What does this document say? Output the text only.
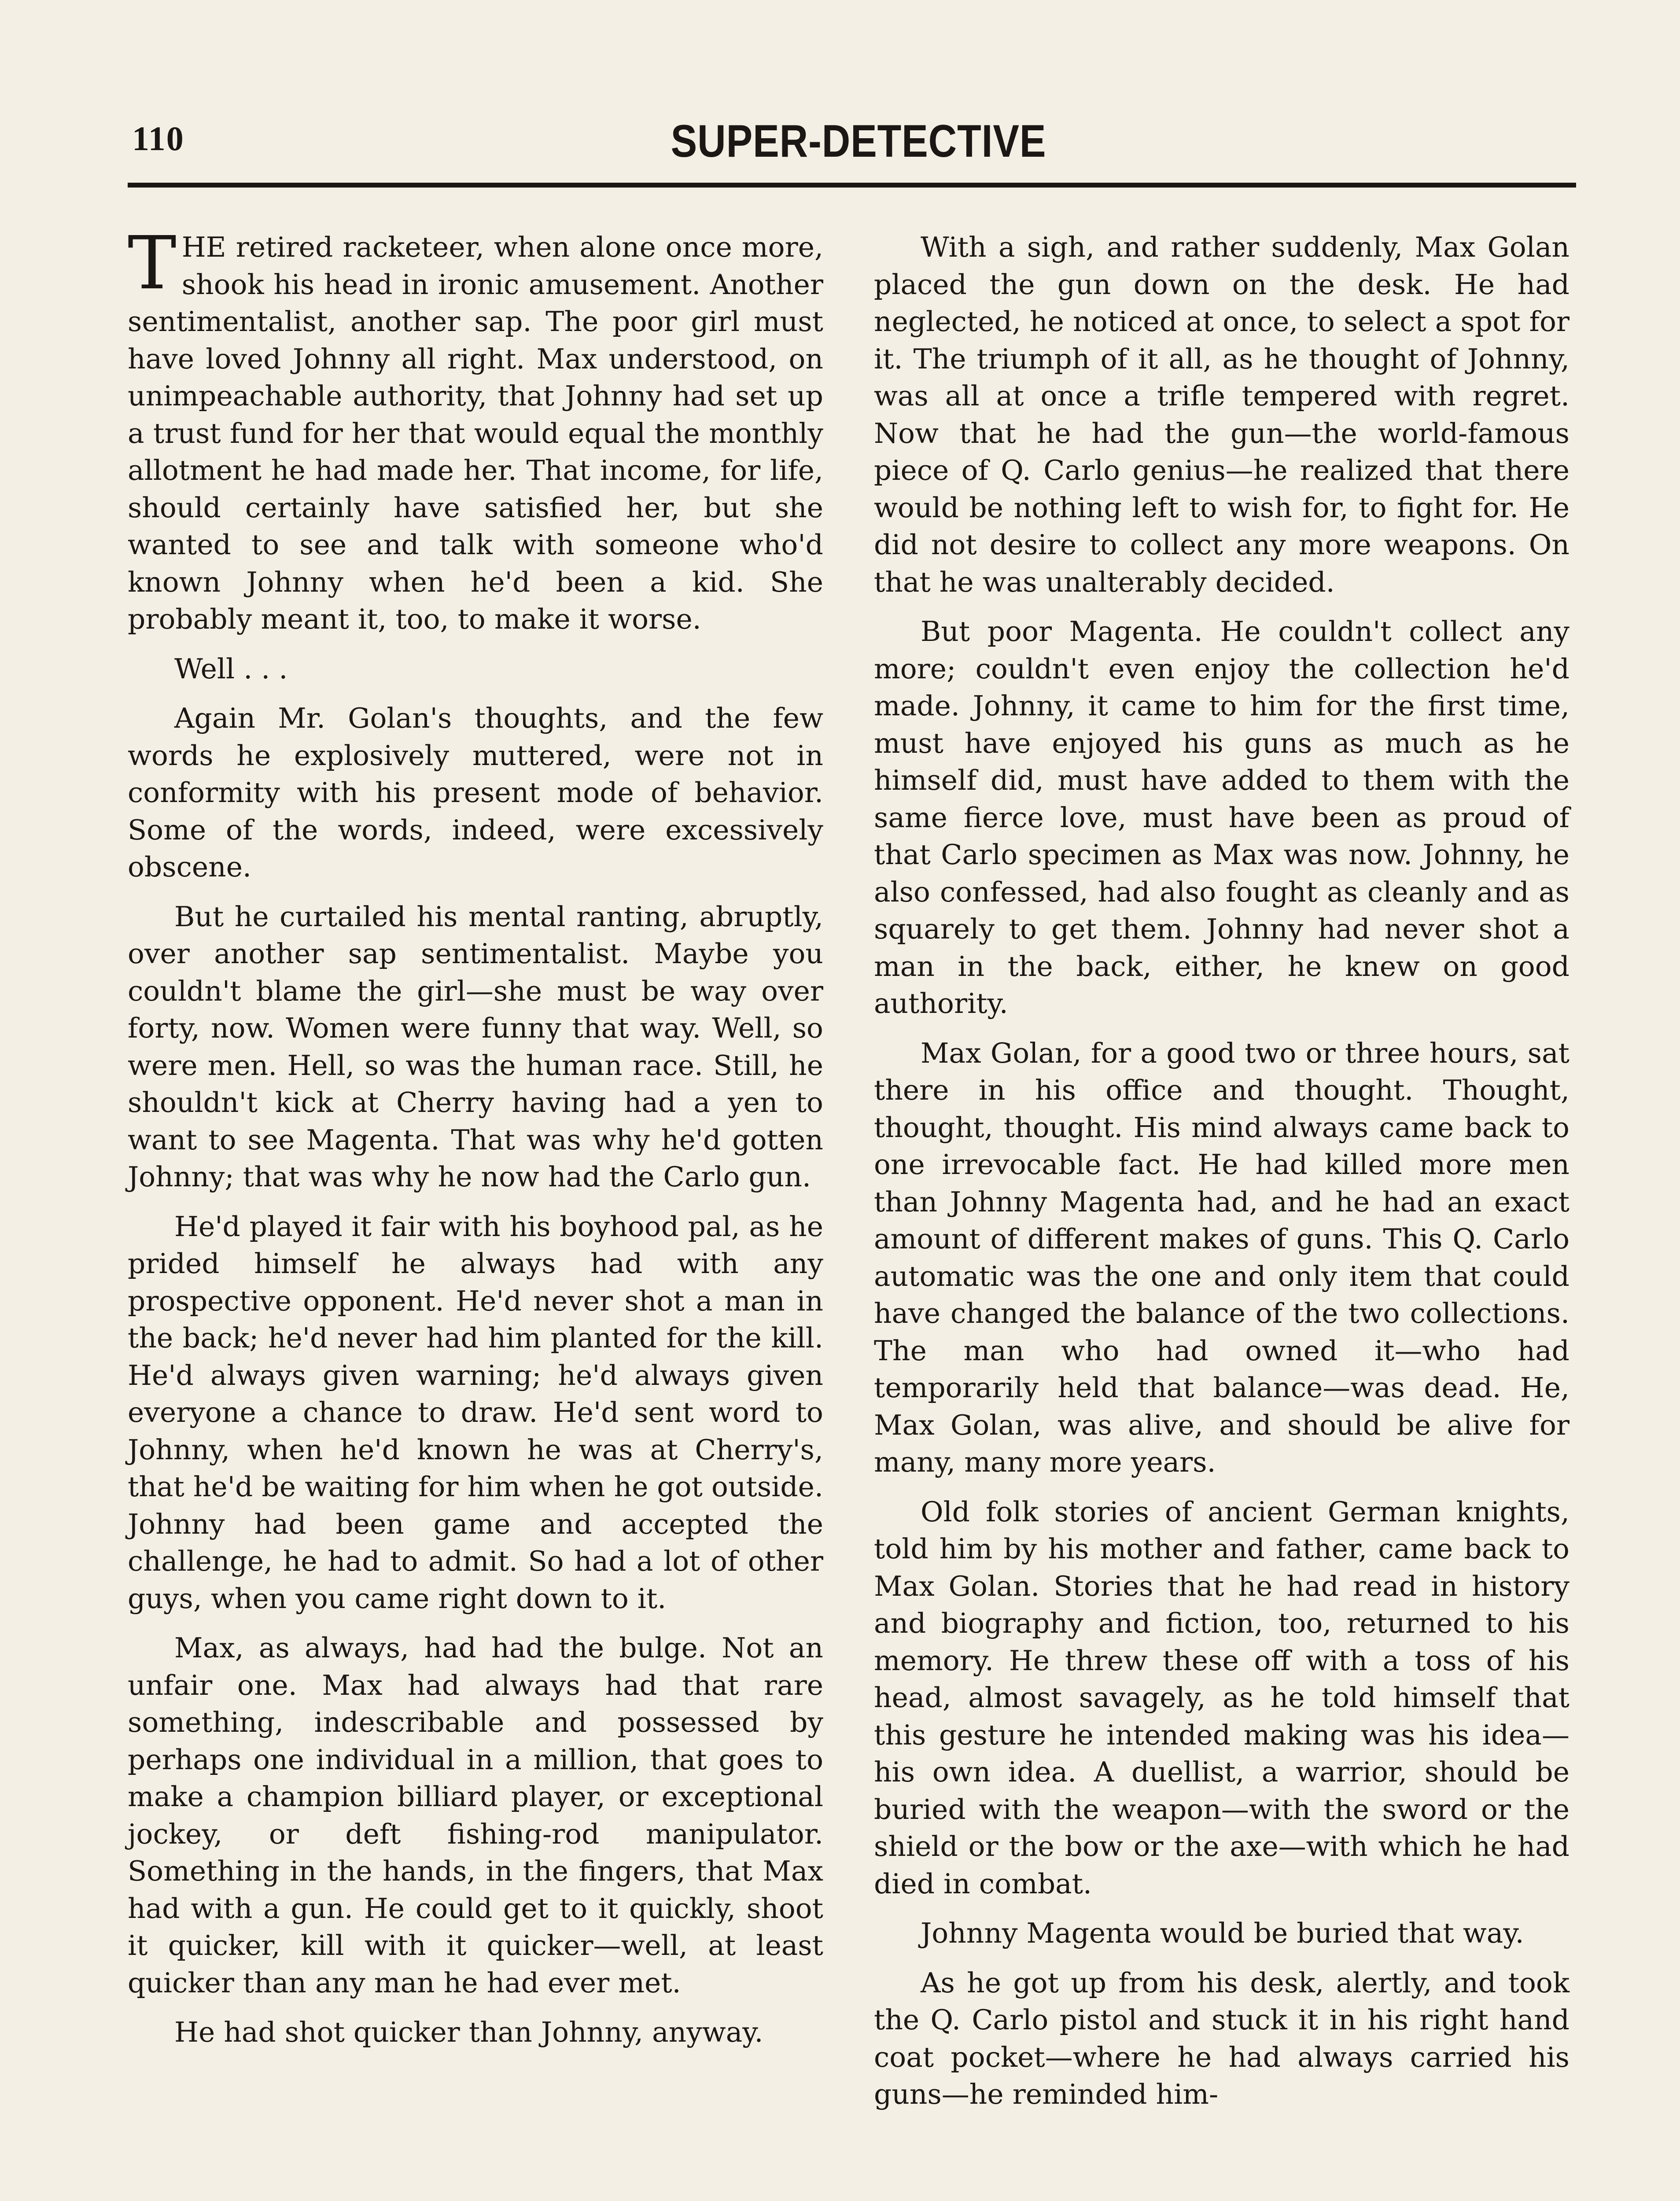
110	SUPER-DETECTIVE

THE retired racketeer, when alone once more, shook his head in ironic amusement. Another sentimentalist, another sap. The poor girl must have loved Johnny all right. Max understood, on unimpeachable authority, that Johnny had set up a trust fund for her that would equal the monthly allotment he had made her. That income, for life, should certainly have satisfied her, but she wanted to see and talk with someone who'd known Johnny when he'd been a kid. She probably meant it, too, to make it worse.

Well . . .

Again Mr. Golan's thoughts, and the few words he explosively muttered, were not in conformity with his present mode of behavior. Some of the words, indeed, were excessively obscene.

But he curtailed his mental ranting, abruptly, over another sap sentimentalist. Maybe you couldn't blame the girl—she must be way over forty, now. Women were funny that way. Well, so were men. Hell, so was the human race. Still, he shouldn't kick at Cherry having had a yen to want to see Magenta. That was why he'd gotten Johnny; that was why he now had the Carlo gun.

He'd played it fair with his boyhood pal, as he prided himself he always had with any prospective opponent. He'd never shot a man in the back; he'd never had him planted for the kill. He'd always given warning; he'd always given everyone a chance to draw. He'd sent word to Johnny, when he'd known he was at Cherry's, that he'd be waiting for him when he got outside. Johnny had been game and accepted the challenge, he had to admit. So had a lot of other guys, when you came right down to it.

Max, as always, had had the bulge. Not an unfair one. Max had always had that rare something, indescribable and possessed by perhaps one individual in a million, that goes to make a champion billiard player, or exceptional jockey, or deft fishing-rod manipulator. Something in the hands, in the fingers, that Max had with a gun. He could get to it quickly, shoot it quicker, kill with it quicker—well, at least quicker than any man he had ever met.

He had shot quicker than Johnny, anyway.

With a sigh, and rather suddenly, Max Golan placed the gun down on the desk. He had neglected, he noticed at once, to select a spot for it. The triumph of it all, as he thought of Johnny, was all at once a trifle tempered with regret. Now that he had the gun—the world-famous piece of Q. Carlo genius—he realized that there would be nothing left to wish for, to fight for. He did not desire to collect any more weapons. On that he was unalterably decided.

But poor Magenta. He couldn't collect any more; couldn't even enjoy the collection he'd made. Johnny, it came to him for the first time, must have enjoyed his guns as much as he himself did, must have added to them with the same fierce love, must have been as proud of that Carlo specimen as Max was now. Johnny, he also confessed, had also fought as cleanly and as squarely to get them. Johnny had never shot a man in the back, either, he knew on good authority.

Max Golan, for a good two or three hours, sat there in his office and thought. Thought, thought, thought. His mind always came back to one irrevocable fact. He had killed more men than Johnny Magenta had, and he had an exact amount of different makes of guns. This Q. Carlo automatic was the one and only item that could have changed the balance of the two collections. The man who had owned it—who had temporarily held that balance—was dead. He, Max Golan, was alive, and should be alive for many, many more years.

Old folk stories of ancient German knights, told him by his mother and father, came back to Max Golan. Stories that he had read in history and biography and fiction, too, returned to his memory. He threw these off with a toss of his head, almost savagely, as he told himself that this gesture he intended making was his idea—his own idea. A duellist, a warrior, should be buried with the weapon—with the sword or the shield or the bow or the axe—with which he had died in combat.

Johnny Magenta would be buried that way.

As he got up from his desk, alertly, and took the Q. Carlo pistol and stuck it in his right hand coat pocket—where he had always carried his guns—he reminded him-
